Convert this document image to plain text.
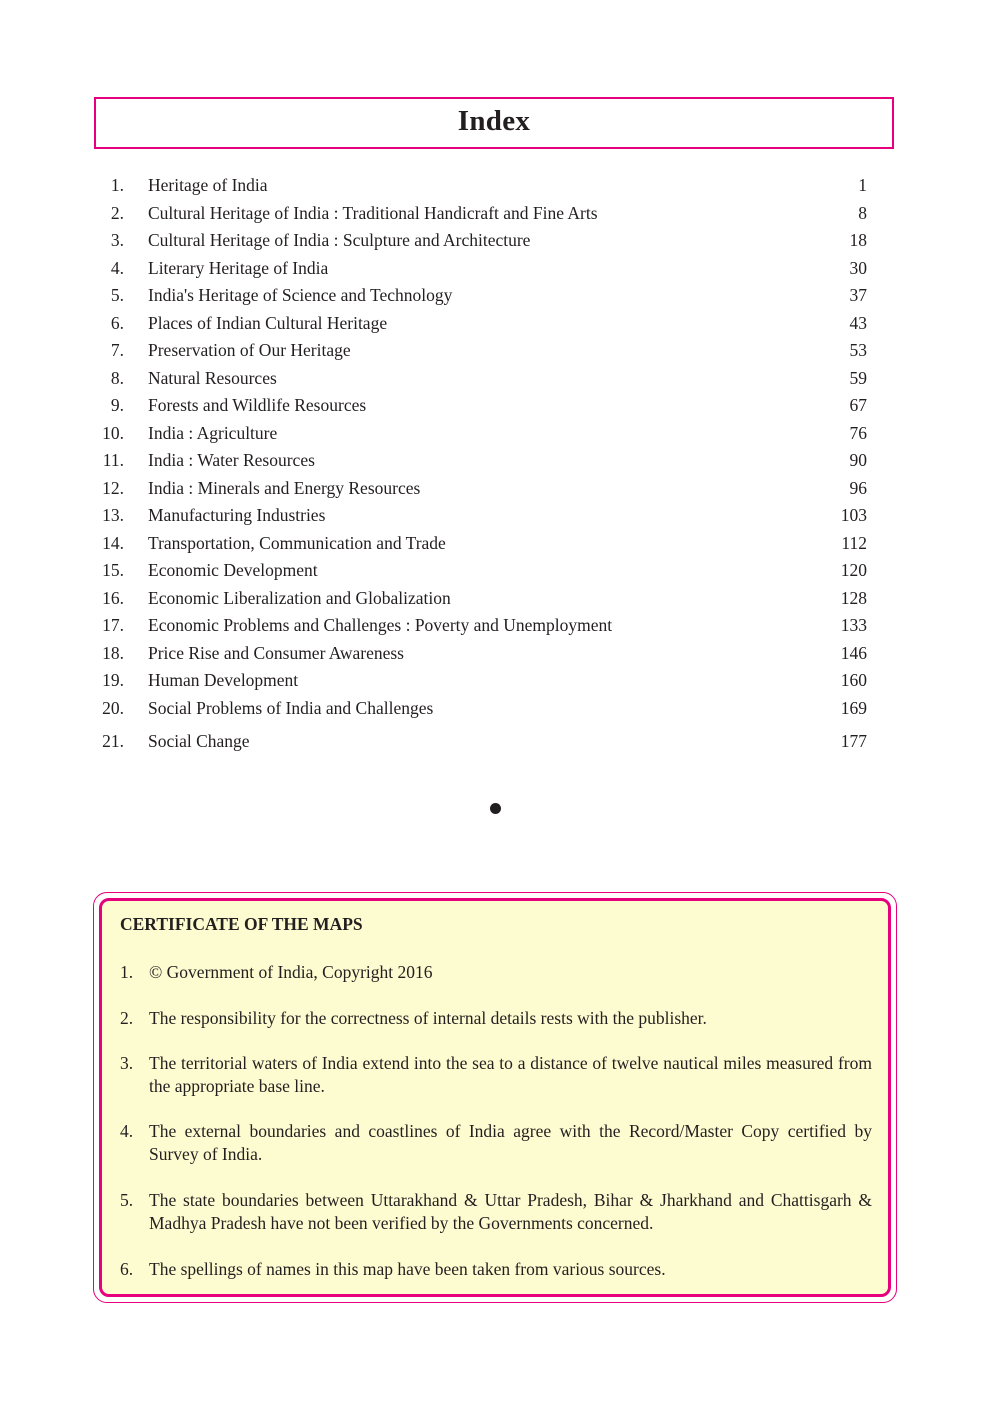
Index
1. Heritage of India	1
2. Cultural Heritage of India : Traditional Handicraft and Fine Arts	8
3. Cultural Heritage of India : Sculpture and Architecture	18
4. Literary Heritage of India	30
5. India's Heritage of Science and Technology	37
6. Places of Indian Cultural Heritage	43
7. Preservation of Our Heritage	53
8. Natural Resources	59
9. Forests and Wildlife Resources	67
10. India : Agriculture	76
11. India : Water Resources	90
12. India : Minerals and Energy Resources	96
13. Manufacturing Industries	103
14. Transportation, Communication and Trade	112
15. Economic Development	120
16. Economic Liberalization and Globalization	128
17. Economic Problems and Challenges : Poverty and Unemployment	133
18. Price Rise and Consumer Awareness	146
19. Human Development	160
20. Social Problems of India and Challenges	169
21. Social Change	177
CERTIFICATE OF THE MAPS
1. © Government of India, Copyright 2016
2. The responsibility for the correctness of internal details rests with the publisher.
3. The territorial waters of India extend into the sea to a distance of twelve nautical miles measured from the appropriate base line.
4. The external boundaries and coastlines of India agree with the Record/Master Copy certified by Survey of India.
5. The state boundaries between Uttarakhand & Uttar Pradesh, Bihar & Jharkhand and Chattisgarh & Madhya Pradesh have not been verified by the Governments concerned.
6. The spellings of names in this map have been taken from various sources.
